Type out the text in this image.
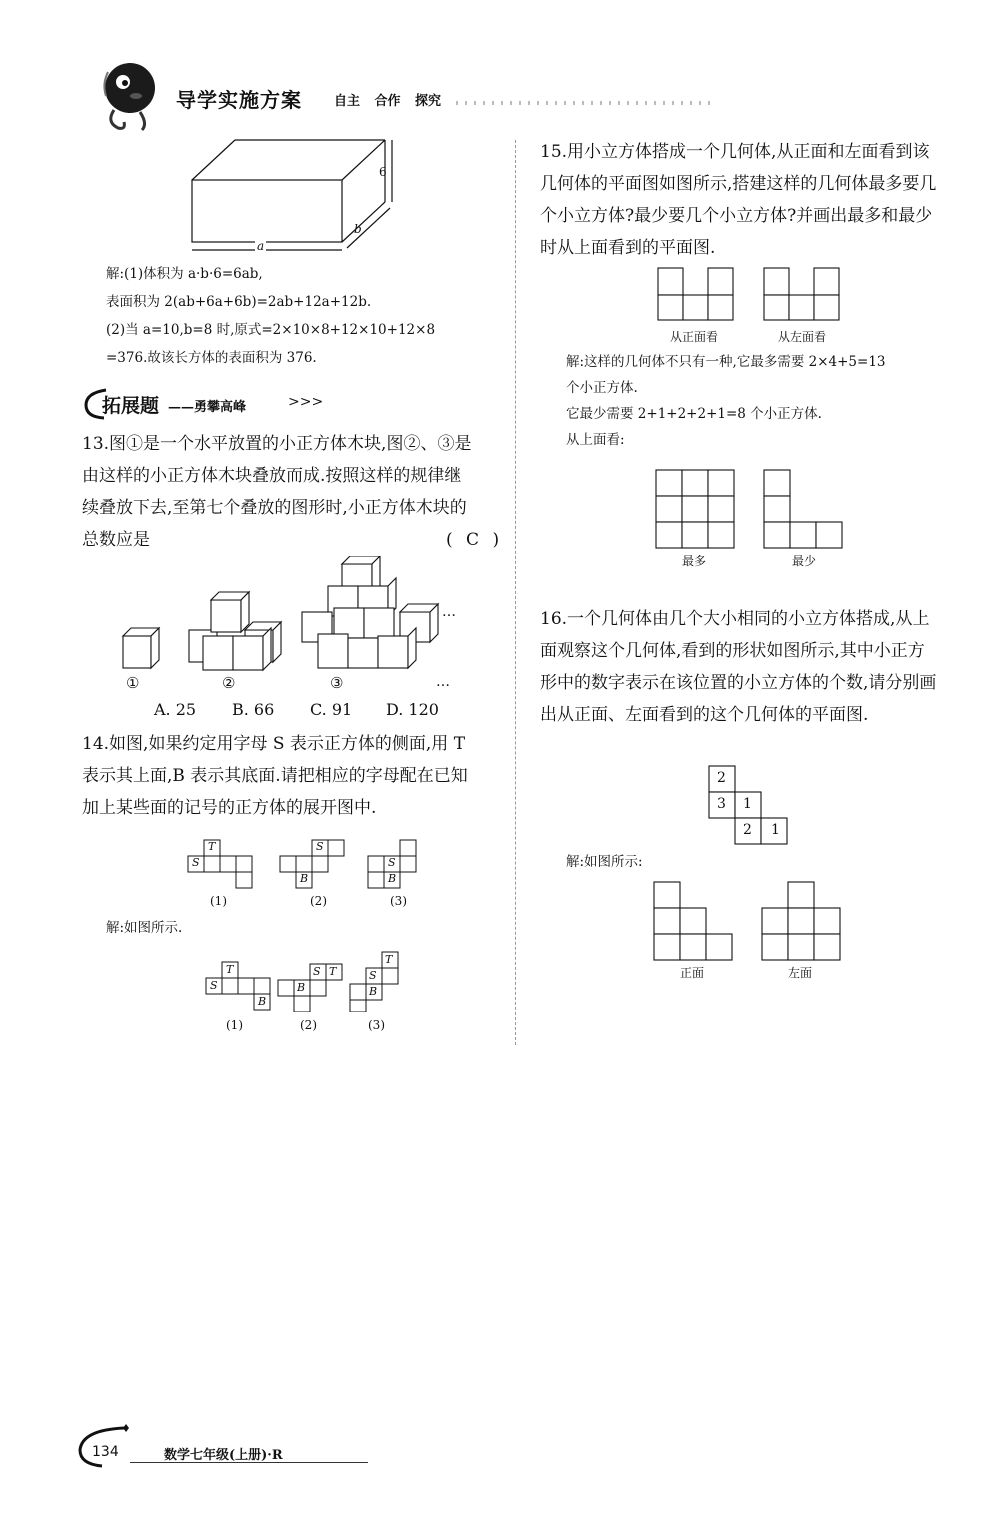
导学实施方案 自主 合作 探究
6
b
a
解:(1)体积为 a·b·6=6ab,
表面积为 2(ab+6a+6b)=2ab+12a+12b.
(2)当 a=10,b=8 时,原式=2×10×8+12×10+12×8
=376.故该长方体的表面积为 376.
拓展题 ——勇攀高峰	>>>
13.图①是一个水平放置的小正方体木块,图②、③是由这样的小正方体木块叠放而成.按照这样的规律继续叠放下去,至第七个叠放的图形时,小正方体木块的总数应是	( C )
…
①	②	③	…
A. 25 B. 66 C. 91 D. 120
14.如图,如果约定用字母 S 表示正方体的侧面,用 T 表示其上面,B 表示其底面.请把相应的字母配在已知加上某些面的记号的正方体的展开图中.
T
S
S
B
S
B
(1)	(2)	(3)
解:如图所示.
T
S
B
S T
B
T
S
B
(1)	(2)	(3)
15.用小立方体搭成一个几何体,从正面和左面看到该几何体的平面图如图所示,搭建这样的几何体最多要几个小立方体?最少要几个小立方体?并画出最多和最少时从上面看到的平面图.
从正面看	从左面看
解:这样的几何体不只有一种,它最多需要 2×4+5=13
个小正方体.
它最少需要 2+1+2+2+1=8 个小正方体.
从上面看:
最多	最少
16.一个几何体由几个大小相同的小立方体搭成,从上面观察这个几何体,看到的形状如图所示,其中小正方形中的数字表示在该位置的小立方体的个数,请分别画出从正面、左面看到的这个几何体的平面图.
2
3 1
2 1
解:如图所示:
正面	左面
134	数学七年级(上册)·R
